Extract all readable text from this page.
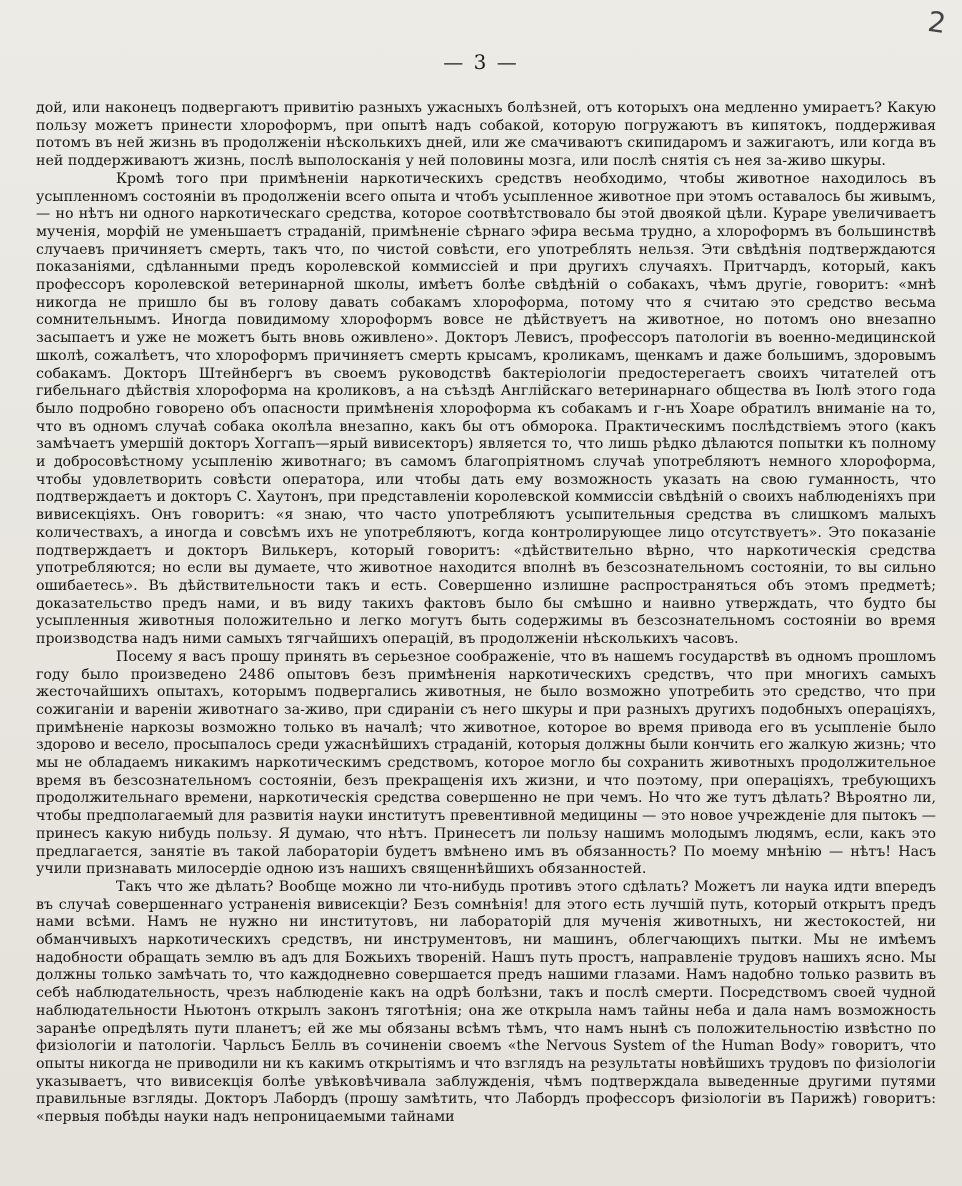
2
— 3 —

дой, или наконецъ подвергаютъ привитію разныхъ ужасныхъ болѣзней, отъ которыхъ она медленно умираетъ? Какую пользу можетъ принести хлороформъ, при опытѣ надъ собакой, которую погружаютъ въ кипятокъ, поддерживая потомъ въ ней жизнь въ продолженіи нѣсколькихъ дней, или же смачиваютъ скипидаромъ и зажигаютъ, или когда въ ней поддерживаютъ жизнь, послѣ выполосканія у ней половины мозга, или послѣ снятія съ нея за-живо шкуры.

Кромѣ того при примѣненіи наркотическихъ средствъ необходимо, чтобы животное находилось въ усыпленномъ состояніи въ продолженіи всего опыта и чтобъ усыпленное животное при этомъ оставалось бы живымъ,— но нѣтъ ни одного наркотическаго средства, которое соотвѣтствовало бы этой двоякой цѣли. Кураре увеличиваетъ мученія, морфій не уменьшаетъ страданій, примѣненіе сѣрнаго эфира весьма трудно, а хлороформъ въ большинствѣ случаевъ причиняетъ смерть, такъ что, по чистой совѣсти, его употреблять нельзя. Эти свѣдѣнія подтверждаются показаніями, сдѣланными предъ королевской коммиссіей и при другихъ случаяхъ. Притчардъ, который, какъ профессоръ королевской ветеринарной школы, имѣетъ болѣе свѣдѣній о собакахъ, чѣмъ другіе, говоритъ: «мнѣ никогда не пришло бы въ голову давать собакамъ хлороформа, потому что я считаю это средство весьма сомнительнымъ. Иногда повидимому хлороформъ вовсе не дѣйствуетъ на животное, но потомъ оно внезапно засыпаетъ и уже не можетъ быть вновь оживлено». Докторъ Левисъ, профессоръ патологіи въ военно-медицинской школѣ, сожалѣетъ, что хлороформъ причиняетъ смерть крысамъ, кроликамъ, щенкамъ и даже большимъ, здоровымъ собакамъ. Докторъ Штейнбергъ въ своемъ руководствѣ бактеріологіи предостерегаетъ своихъ читателей отъ гибельнаго дѣйствія хлороформа на кроликовъ, а на съѣздѣ Англійскаго ветеринарнаго общества въ Іюлѣ этого года было подробно говорено объ опасности примѣненія хлороформа къ собакамъ и г-нъ Хоаре обратилъ вниманіе на то, что въ одномъ случаѣ собака околѣла внезапно, какъ бы отъ обморока. Практическимъ послѣдствіемъ этого (какъ замѣчаетъ умершій докторъ Хоггапъ—ярый вивисекторъ) является то, что лишь рѣдко дѣлаются попытки къ полному и добросовѣстному усыпленію животнаго; въ самомъ благопріятномъ случаѣ употребляютъ немного хлороформа, чтобы удовлетворить совѣсти оператора, или чтобы дать ему возможность указать на свою гуманность, что подтверждаетъ и докторъ С. Хаутонъ, при представленіи королевской коммиссіи свѣдѣній о своихъ наблюденіяхъ при вивисекціяхъ. Онъ говоритъ: «я знаю, что часто употребляютъ усыпительныя средства въ слишкомъ малыхъ количествахъ, а иногда и совсѣмъ ихъ не употребляютъ, когда контролирующее лицо отсутствуетъ». Это показаніе подтверждаетъ и докторъ Вилькеръ, который говоритъ: «дѣйствительно вѣрно, что наркотическія средства употребляются; но если вы думаете, что животное находится вполнѣ въ безсознательномъ состояніи, то вы сильно ошибаетесь». Въ дѣйствительности такъ и есть. Совершенно излишне распространяться объ этомъ предметѣ; доказательство предъ нами, и въ виду такихъ фактовъ было бы смѣшно и наивно утверждать, что будто бы усыпленныя животныя положительно и легко могутъ быть содержимы въ безсознательномъ состояніи во время производства надъ ними самыхъ тягчайшихъ операцій, въ продолженіи нѣсколькихъ часовъ.

Посему я васъ прошу принять въ серьезное соображеніе, что въ нашемъ государствѣ въ одномъ прошломъ году было произведено 2486 опытовъ безъ примѣненія наркотическихъ средствъ, что при многихъ самыхъ жесточайшихъ опытахъ, которымъ подвергались животныя, не было возможно употребить это средство, что при сожиганіи и вареніи животнаго за-живо, при сдираніи съ него шкуры и при разныхъ другихъ подобныхъ операціяхъ, примѣненіе наркозы возможно только въ началѣ; что животное, которое во время привода его въ усыпленіе было здорово и весело, просыпалось среди ужаснѣйшихъ страданій, которыя должны были кончить его жалкую жизнь; что мы не обладаемъ никакимъ наркотическимъ средствомъ, которое могло бы сохранить животныхъ продолжительное время въ безсознательномъ состояніи, безъ прекращенія ихъ жизни, и что поэтому, при операціяхъ, требующихъ продолжительнаго времени, наркотическія средства совершенно не при чемъ. Но что же тутъ дѣлать? Вѣроятно ли, чтобы предполагаемый для развитія науки институтъ превентивной медицины — это новое учрежденіе для пытокъ — принесъ какую нибудь пользу. Я думаю, что нѣтъ. Принесетъ ли пользу нашимъ молодымъ людямъ, если, какъ это предлагается, занятіе въ такой лабораторіи будетъ вмѣнено имъ въ обязанность? По моему мнѣнію — нѣтъ! Насъ учили признавать милосердіе одною изъ нашихъ священнѣйшихъ обязанностей.

Такъ что же дѣлать? Вообще можно ли что-нибудь противъ этого сдѣлать? Можетъ ли наука идти впередъ въ случаѣ совершеннаго устраненія вивисекціи? Безъ сомнѣнія! для этого есть лучшій путь, который открытъ предъ нами всѣми. Намъ не нужно ни институтовъ, ни лабораторій для мученія животныхъ, ни жестокостей, ни обманчивыхъ наркотическихъ средствъ, ни инструментовъ, ни машинъ, облегчающихъ пытки. Мы не имѣемъ надобности обращать землю въ адъ для Божьихъ твореній. Нашъ путь простъ, направленіе трудовъ нашихъ ясно. Мы должны только замѣчать то, что каждодневно совершается предъ нашими глазами. Намъ надобно только развить въ себѣ наблюдательность, чрезъ наблюденіе какъ на одрѣ болѣзни, такъ и послѣ смерти. Посредствомъ своей чудной наблюдательности Ньютонъ открылъ законъ тяготѣнія; она же открыла намъ тайны неба и дала намъ возможность заранѣе опредѣлять пути планетъ; ей же мы обязаны всѣмъ тѣмъ, что намъ нынѣ съ положительностію извѣстно по физіологіи и патологіи. Чарльсъ Белль въ сочиненіи своемъ «the Nervous System of the Human Body» говоритъ, что опыты никогда не приводили ни къ какимъ открытіямъ и что взглядъ на результаты новѣйшихъ трудовъ по физіологіи указываетъ, что вивисекція болѣе увѣковѣчивала заблужденія, чѣмъ подтверждала выведенные другими путями правильные взгляды. Докторъ Лабордъ (прошу замѣтить, что Лабордъ профессоръ физіологіи въ Парижѣ) говоритъ: «первыя побѣды науки надъ непроницаемыми тайнами
